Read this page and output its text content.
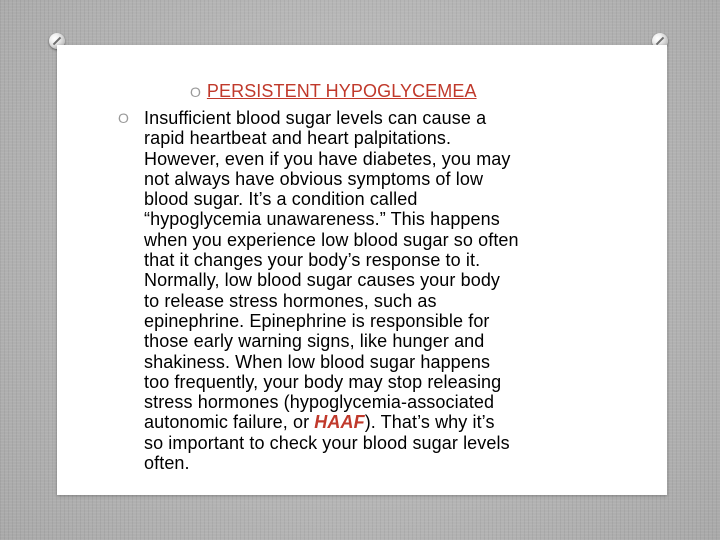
O PERSISTENT HYPOGLYCEMEA
O Insufficient blood sugar levels can cause a
rapid heartbeat and heart palpitations.
However, even if you have diabetes, you may
not always have obvious symptoms of low
blood sugar. It’s a condition called
“hypoglycemia unawareness.” This happens
when you experience low blood sugar so often
that it changes your body’s response to it.
Normally, low blood sugar causes your body
to release stress hormones, such as
epinephrine. Epinephrine is responsible for
those early warning signs, like hunger and
shakiness. When low blood sugar happens
too frequently, your body may stop releasing
stress hormones (hypoglycemia-associated
autonomic failure, or HAAF). That’s why it’s
so important to check your blood sugar levels
often.
